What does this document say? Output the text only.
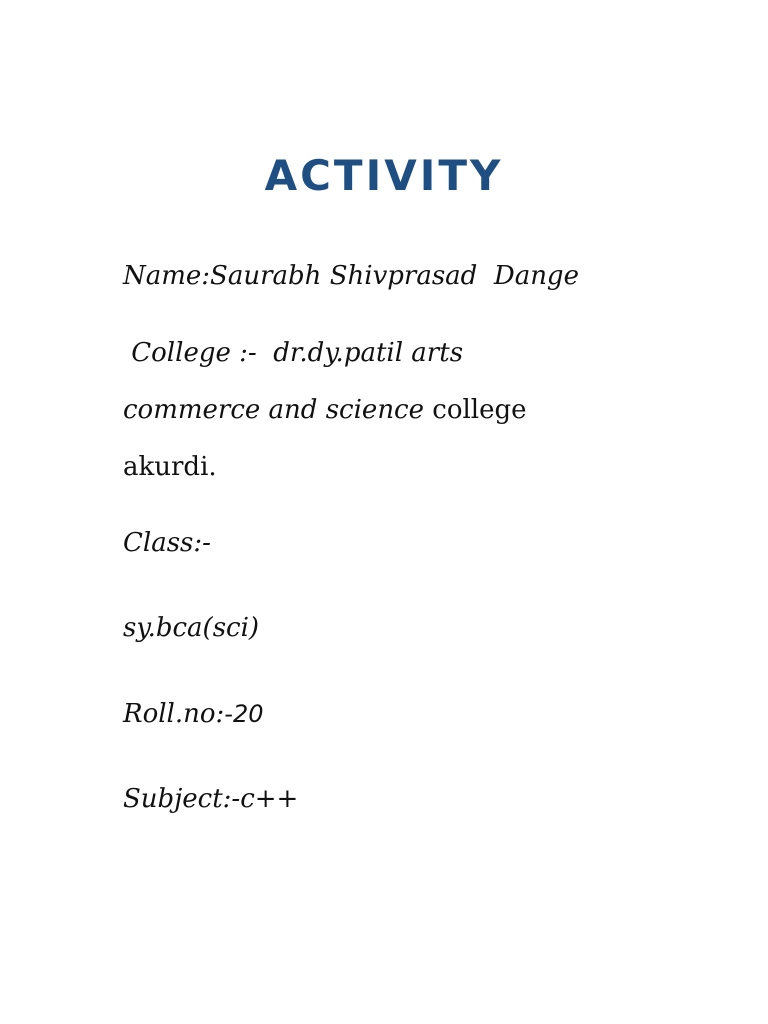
ACTIVITY

Name:Saurabh Shivprasad  Dange

College :-  dr.dy.patil arts

commerce and science college

akurdi.

Class:-

sy.bca(sci)

Roll.no:-20

Subject:-c++
